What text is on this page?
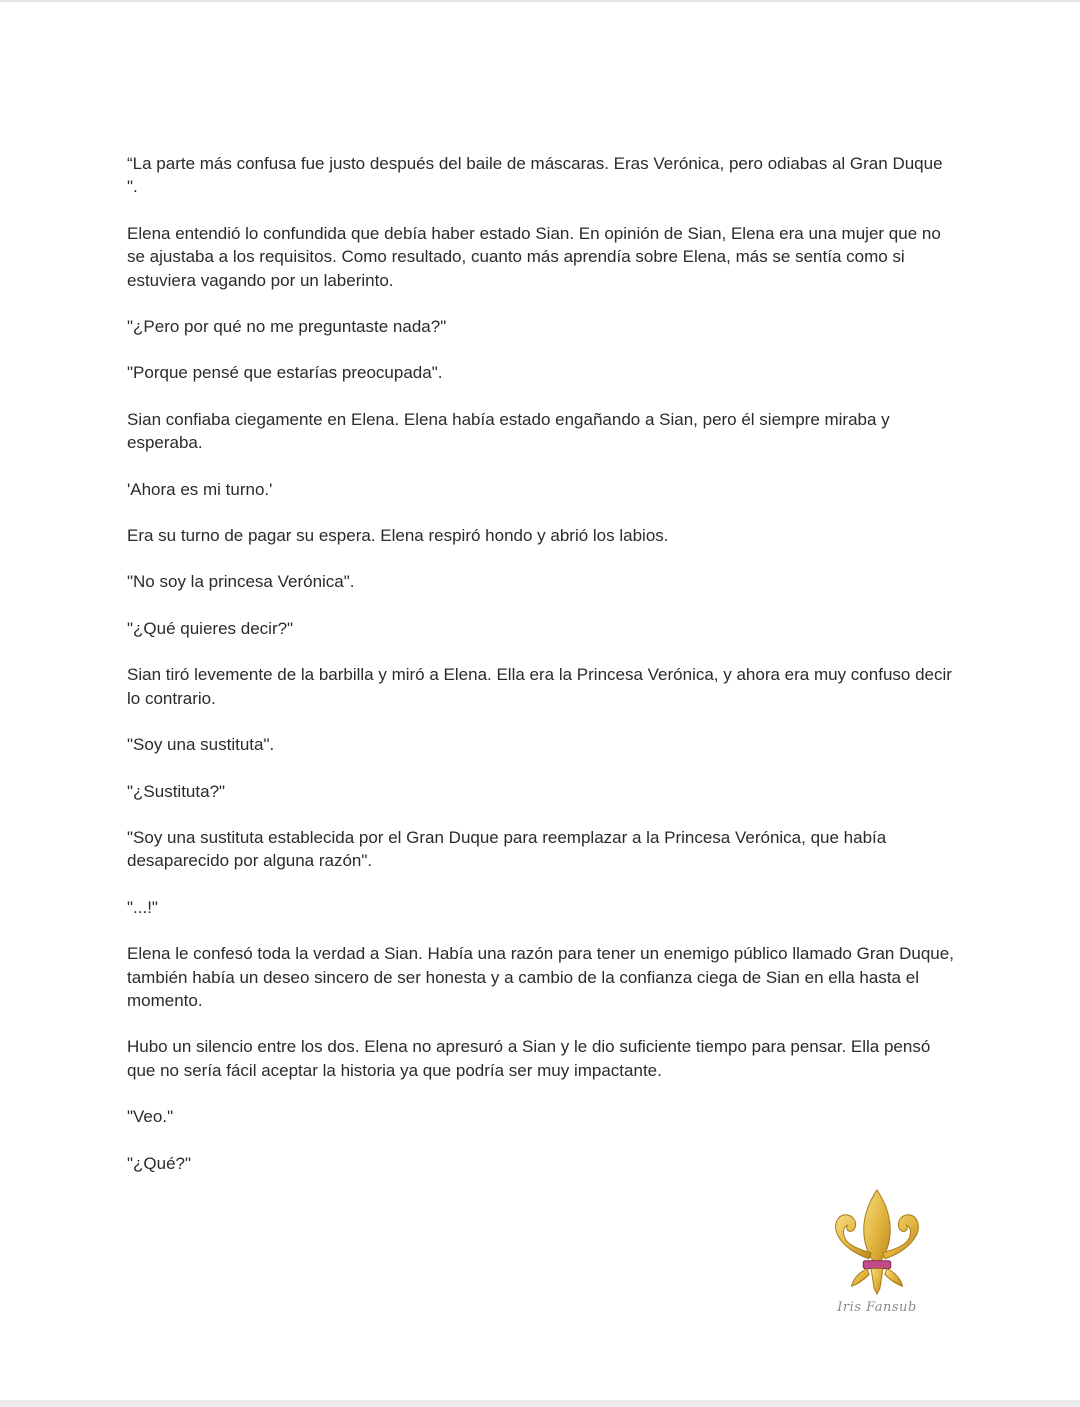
“La parte más confusa fue justo después del baile de máscaras. Eras Verónica, pero odiabas al Gran Duque ".

Elena entendió lo confundida que debía haber estado Sian. En opinión de Sian, Elena era una mujer que no se ajustaba a los requisitos. Como resultado, cuanto más aprendía sobre Elena, más se sentía como si estuviera vagando por un laberinto.

"¿Pero por qué no me preguntaste nada?"

"Porque pensé que estarías preocupada".

Sian confiaba ciegamente en Elena. Elena había estado engañando a Sian, pero él siempre miraba y esperaba.

'Ahora es mi turno.'

Era su turno de pagar su espera. Elena respiró hondo y abrió los labios.

"No soy la princesa Verónica".

"¿Qué quieres decir?"

Sian tiró levemente de la barbilla y miró a Elena. Ella era la Princesa Verónica, y ahora era muy confuso decir lo contrario.

"Soy una sustituta".

"¿Sustituta?"

"Soy una sustituta establecida por el Gran Duque para reemplazar a la Princesa Verónica, que había desaparecido por alguna razón".

"...!"

Elena le confesó toda la verdad a Sian. Había una razón para tener un enemigo público llamado Gran Duque, también había un deseo sincero de ser honesta y a cambio de la confianza ciega de Sian en ella hasta el momento.

Hubo un silencio entre los dos. Elena no apresuró a Sian y le dio suficiente tiempo para pensar. Ella pensó que no sería fácil aceptar la historia ya que podría ser muy impactante.

"Veo."

"¿Qué?"

Iris Fansub
